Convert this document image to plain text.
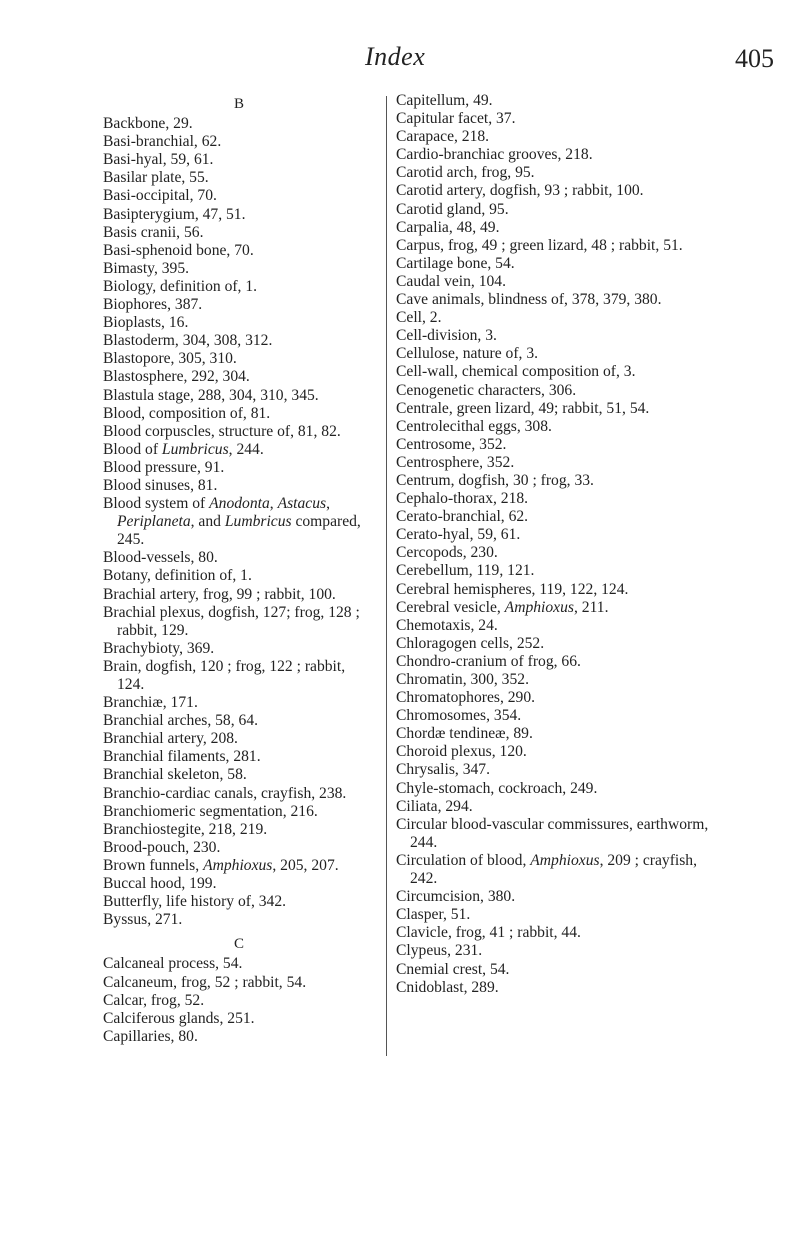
Index	405
B
Backbone, 29.
Basi-branchial, 62.
Basi-hyal, 59, 61.
Basilar plate, 55.
Basi-occipital, 70.
Basipterygium, 47, 51.
Basis cranii, 56.
Basi-sphenoid bone, 70.
Bimasty, 395.
Biology, definition of, 1.
Biophores, 387.
Bioplasts, 16.
Blastoderm, 304, 308, 312.
Blastopore, 305, 310.
Blastosphere, 292, 304.
Blastula stage, 288, 304, 310, 345.
Blood, composition of, 81.
Blood corpuscles, structure of, 81, 82.
Blood of Lumbricus, 244.
Blood pressure, 91.
Blood sinuses, 81.
Blood system of Anodonta, Astacus, Periplaneta, and Lumbricus compared, 245.
Blood-vessels, 80.
Botany, definition of, 1.
Brachial artery, frog, 99 ; rabbit, 100.
Brachial plexus, dogfish, 127; frog, 128 ; rabbit, 129.
Brachybioty, 369.
Brain, dogfish, 120 ; frog, 122 ; rabbit, 124.
Branchiæ, 171.
Branchial arches, 58, 64.
Branchial artery, 208.
Branchial filaments, 281.
Branchial skeleton, 58.
Branchio-cardiac canals, crayfish, 238.
Branchiomeric segmentation, 216.
Branchiostegite, 218, 219.
Brood-pouch, 230.
Brown funnels, Amphioxus, 205, 207.
Buccal hood, 199.
Butterfly, life history of, 342.
Byssus, 271.
C
Calcaneal process, 54.
Calcaneum, frog, 52 ; rabbit, 54.
Calcar, frog, 52.
Calciferous glands, 251.
Capillaries, 80.
Capitellum, 49.
Capitular facet, 37.
Carapace, 218.
Cardio-branchiac grooves, 218.
Carotid arch, frog, 95.
Carotid artery, dogfish, 93 ; rabbit, 100.
Carotid gland, 95.
Carpalia, 48, 49.
Carpus, frog, 49 ; green lizard, 48 ; rabbit, 51.
Cartilage bone, 54.
Caudal vein, 104.
Cave animals, blindness of, 378, 379, 380.
Cell, 2.
Cell-division, 3.
Cellulose, nature of, 3.
Cell-wall, chemical composition of, 3.
Cenogenetic characters, 306.
Centrale, green lizard, 49; rabbit, 51, 54.
Centrolecithal eggs, 308.
Centrosome, 352.
Centrosphere, 352.
Centrum, dogfish, 30 ; frog, 33.
Cephalo-thorax, 218.
Cerato-branchial, 62.
Cerato-hyal, 59, 61.
Cercopods, 230.
Cerebellum, 119, 121.
Cerebral hemispheres, 119, 122, 124.
Cerebral vesicle, Amphioxus, 211.
Chemotaxis, 24.
Chloragogen cells, 252.
Chondro-cranium of frog, 66.
Chromatin, 300, 352.
Chromatophores, 290.
Chromosomes, 354.
Chordæ tendineæ, 89.
Choroid plexus, 120.
Chrysalis, 347.
Chyle-stomach, cockroach, 249.
Ciliata, 294.
Circular blood-vascular commissures, earthworm, 244.
Circulation of blood, Amphioxus, 209 ; crayfish, 242.
Circumcision, 380.
Clasper, 51.
Clavicle, frog, 41 ; rabbit, 44.
Clypeus, 231.
Cnemial crest, 54.
Cnidoblast, 289.
